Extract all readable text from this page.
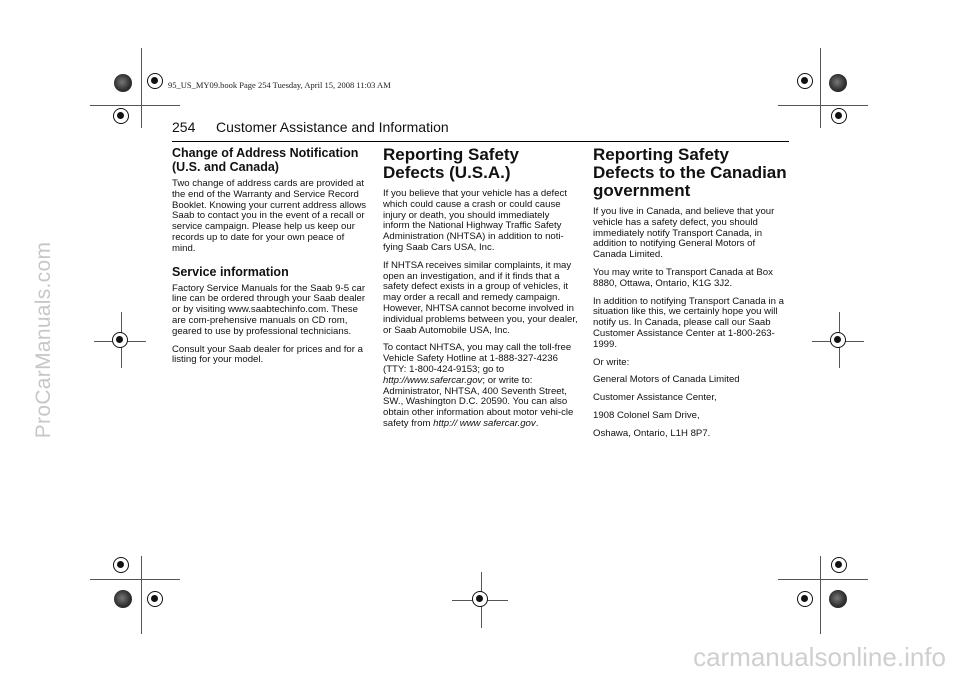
ProCarManuals.com
carmanualsonline.info
95_US_MY09.book Page 254 Tuesday, April 15, 2008 11:03 AM
254 Customer Assistance and Information
Change of Address Notification (U.S. and Canada)

Two change of address cards are provided at the end of the Warranty and Service Record Booklet. Knowing your current address allows Saab to contact you in the event of a recall or service campaign. Please help us keep our records up to date for your own peace of mind.

Service information

Factory Service Manuals for the Saab 9-5 car line can be ordered through your Saab dealer or by visiting www.saabtechinfo.com. These are com-prehensive manuals on CD rom, geared to use by professional technicians.

Consult your Saab dealer for prices and for a listing for your model.

Reporting Safety Defects (U.S.A.)

If you believe that your vehicle has a defect which could cause a crash or could cause injury or death, you should immediately inform the National Highway Traffic Safety Administration (NHTSA) in addition to noti-fying Saab Cars USA, Inc.

If NHTSA receives similar complaints, it may open an investigation, and if it finds that a safety defect exists in a group of vehicles, it may order a recall and remedy campaign. However, NHTSA cannot become involved in individual problems between you, your dealer, or Saab Automobile USA, Inc.

To contact NHTSA, you may call the toll-free Vehicle Safety Hotline at 1-888-327-4236 (TTY: 1-800-424-9153; go to http://www.safercar.gov; or write to: Administrator, NHTSA, 400 Seventh Street, SW., Washington D.C. 20590. You can also obtain other information about motor vehi-cle safety from http:// www safercar.gov.

Reporting Safety Defects to the Canadian government

If you live in Canada, and believe that your vehicle has a safety defect, you should immediately notify Transport Canada, in addition to notifying General Motors of Canada Limited.

You may write to Transport Canada at Box 8880, Ottawa, Ontario, K1G 3J2.

In addition to notifying Transport Canada in a situation like this, we certainly hope you will notify us. In Canada, please call our Saab Customer Assistance Center at 1-800-263- 1999.

Or write:

General Motors of Canada Limited

Customer Assistance Center,

1908 Colonel Sam Drive,

Oshawa, Ontario, L1H 8P7.
